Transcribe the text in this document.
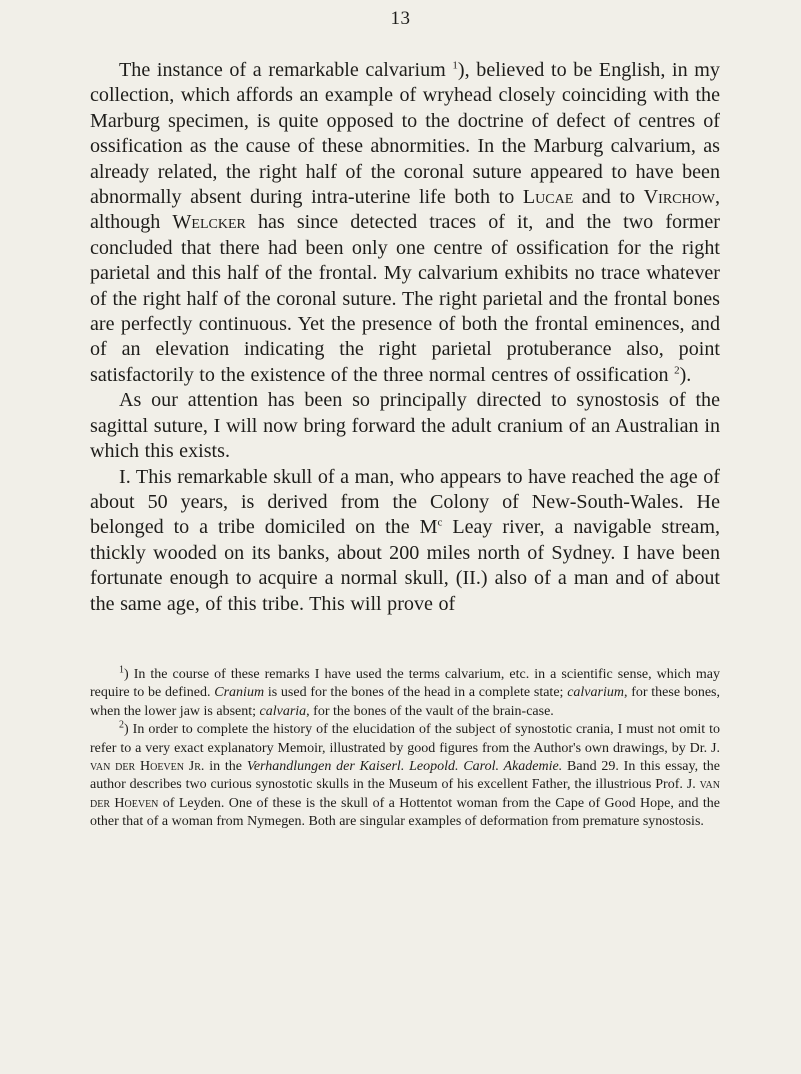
13

The instance of a remarkable calvarium $^1$), believed to be English, in my collection, which affords an example of wryhead closely coinciding with the Marburg specimen, is quite opposed to the doctrine of defect of centres of ossification as the cause of these abnormities. In the Marburg calvarium, as already related, the right half of the coronal suture appeared to have been abnormally absent during intra-uterine life both to Lucae and to Virchow, although Welcker has since detected traces of it, and the two former concluded that there had been only one centre of ossification for the right parietal and this half of the frontal. My calvarium exhibits no trace whatever of the right half of the coronal suture. The right parietal and the frontal bones are perfectly continuous. Yet the presence of both the frontal eminences, and of an elevation indicating the right parietal protuberance also, point satisfactorily to the existence of the three normal centres of ossification $^2$).

As our attention has been so principally directed to synostosis of the sagittal suture, I will now bring forward the adult cranium of an Australian in which this exists.

I. This remarkable skull of a man, who appears to have reached the age of about 50 years, is derived from the Colony of New-South-Wales. He belonged to a tribe domiciled on the $M^c$ Leay river, a navigable stream, thickly wooded on its banks, about 200 miles north of Sydney. I have been fortunate enough to acquire a normal skull, (II.) also of a man and of about the same age, of this tribe. This will prove of

$^1$) In the course of these remarks I have used the terms calvarium, etc. in a scientific sense, which may require to be defined. Cranium is used for the bones of the head in a complete state; calvarium, for these bones, when the lower jaw is absent; calvaria, for the bones of the vault of the brain-case.

$^2$) In order to complete the history of the elucidation of the subject of synostotic crania, I must not omit to refer to a very exact explanatory Memoir, illustrated by good figures from the Author's own drawings, by Dr. J. van der Hoeven Jr. in the Verhandlungen der Kaiserl. Leopold. Carol. Akademie. Band 29. In this essay, the author describes two curious synostotic skulls in the Museum of his excellent Father, the illustrious Prof. J. van der Hoeven of Leyden. One of these is the skull of a Hottentot woman from the Cape of Good Hope, and the other that of a woman from Nymegen. Both are singular examples of deformation from premature synostosis.
